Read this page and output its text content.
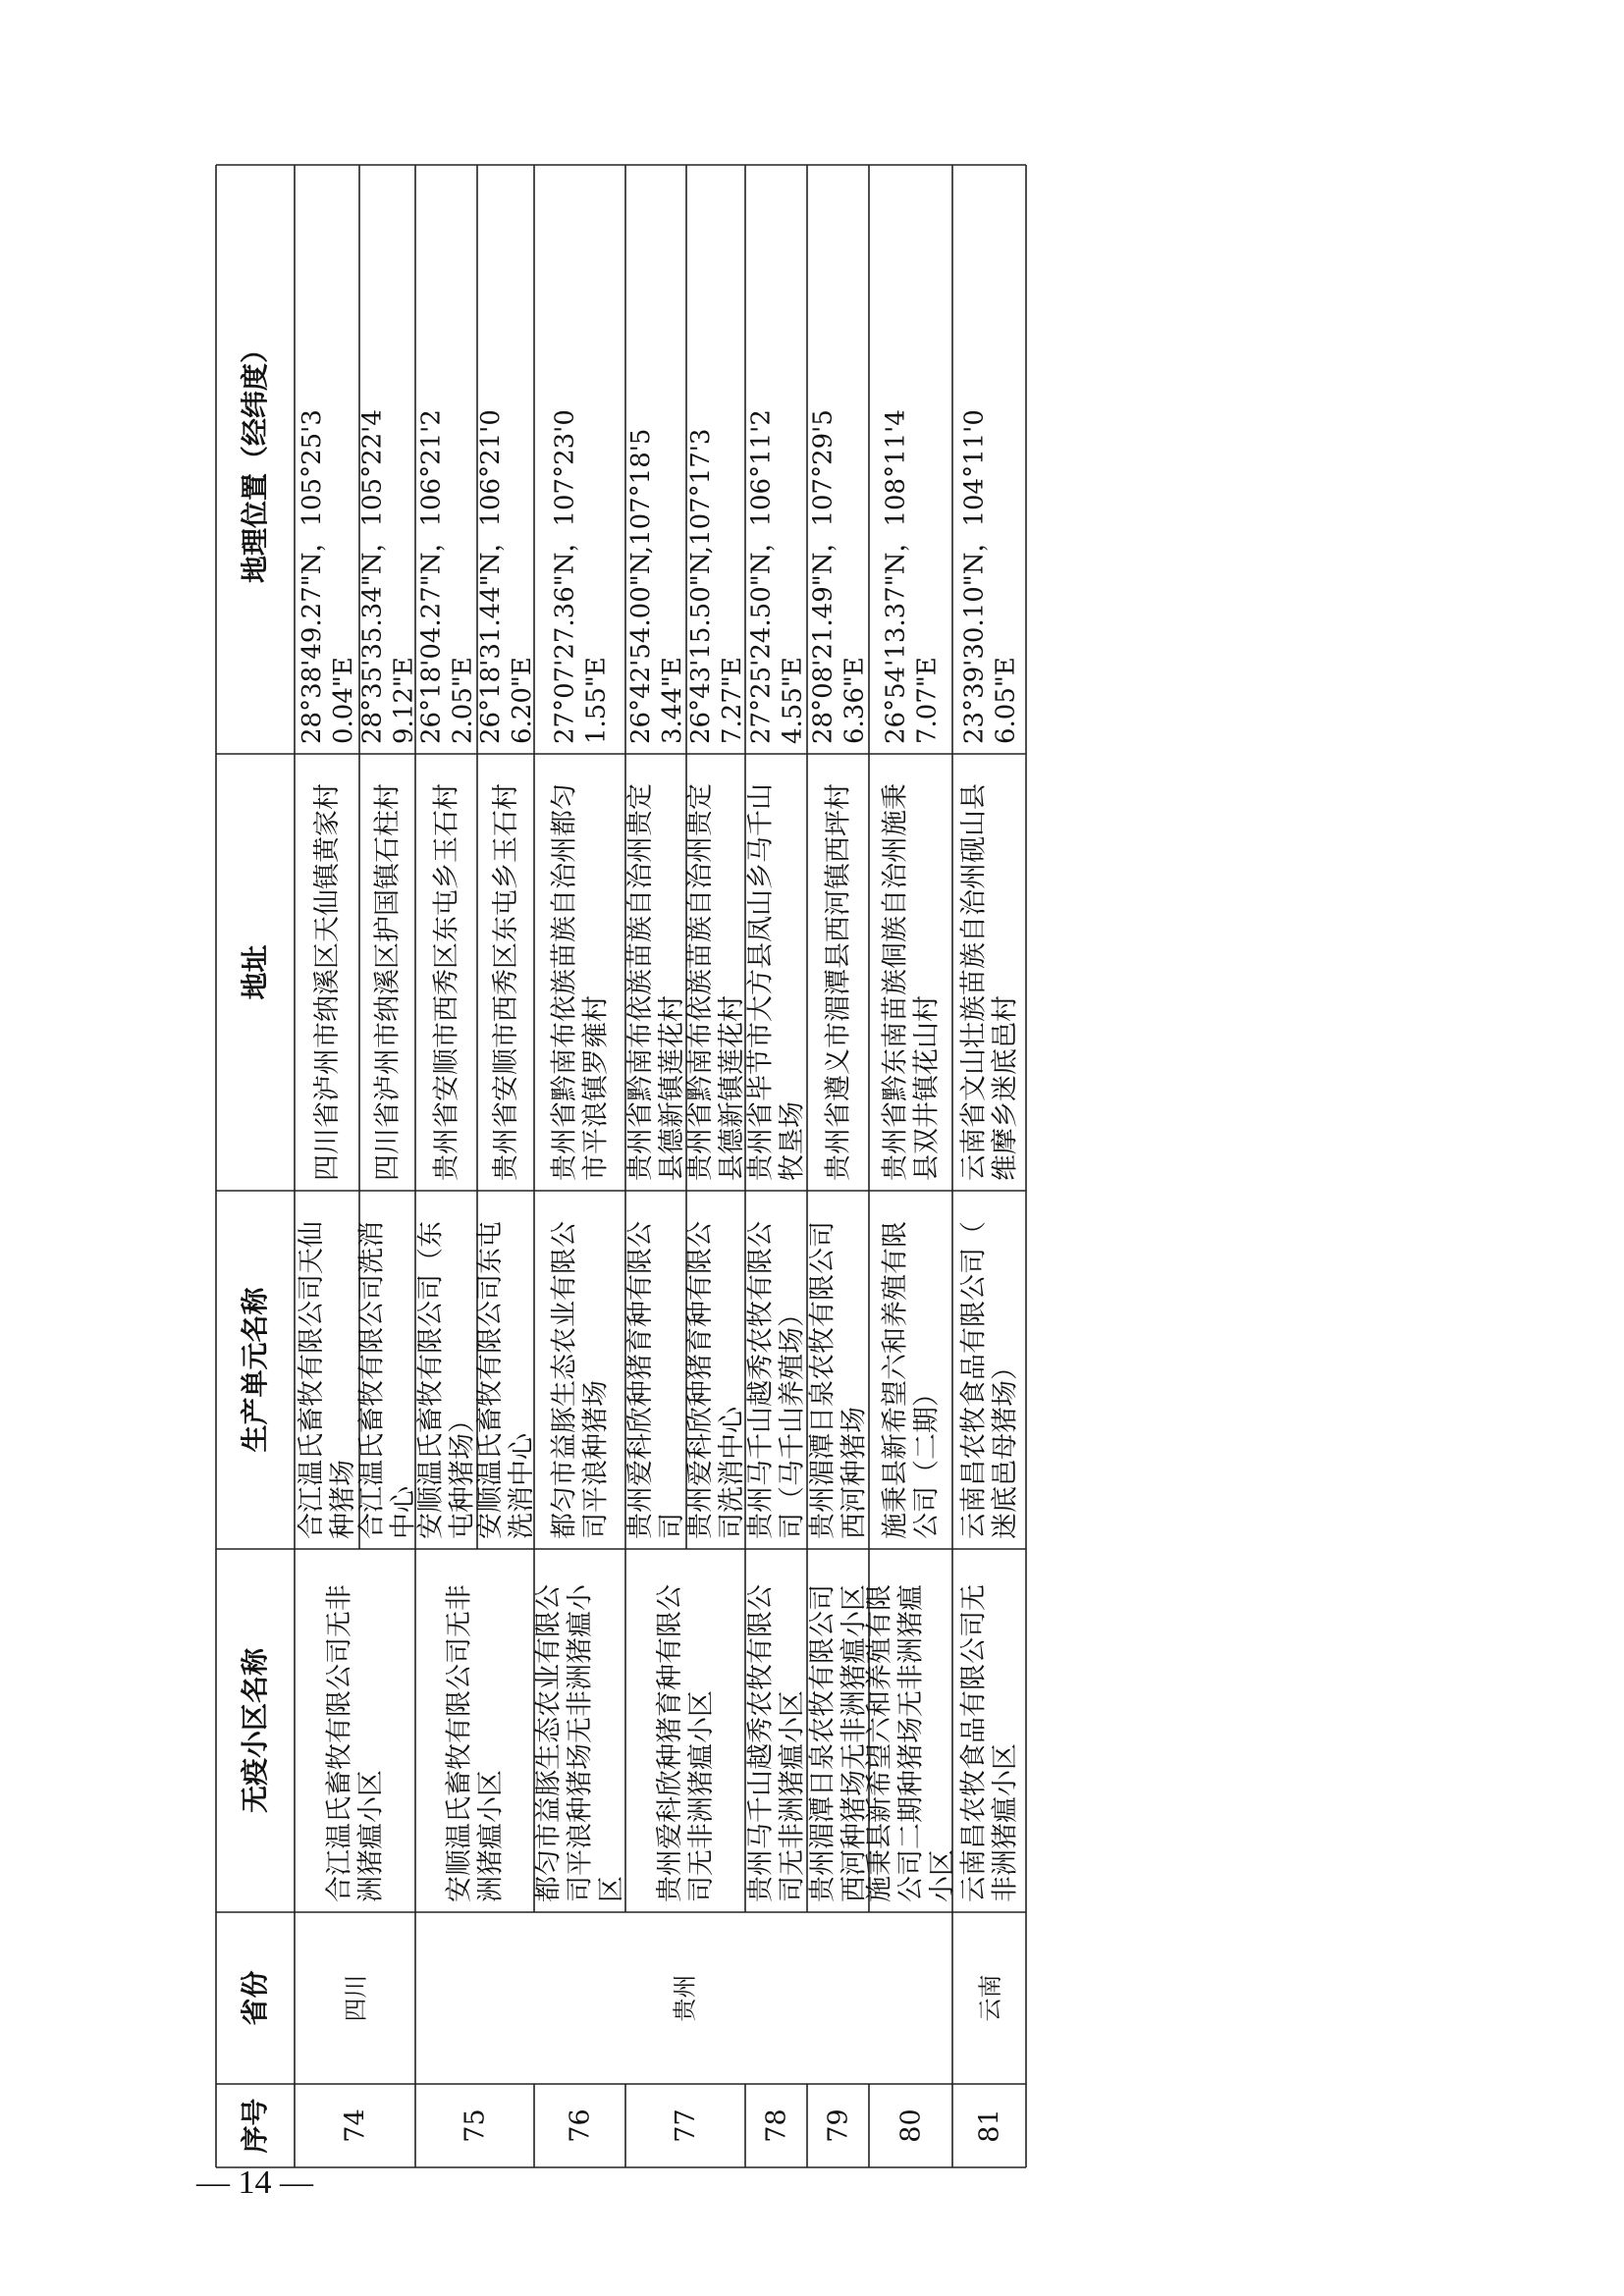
序号
省份
无疫小区名称
生产单元名称
地址
地理位置（经纬度）
74
合江温氏畜牧有限公司无非洲猪瘟小区
75
安顺温氏畜牧有限公司无非洲猪瘟小区
76
都匀市益豚生态农业有限公司平浪种猪场无非洲猪瘟小区
77
贵州爱科欣种猪育种有限公司无非洲猪瘟小区
78
贵州马千山越秀农牧有限公司无非洲猪瘟小区
79
贵州湄潭日泉农牧有限公司西河种猪场无非洲猪瘟小区
80
施秉县新希望六和养殖有限公司二期种猪场无非洲猪瘟小区
81
云南昌农牧食品有限公司无非洲猪瘟小区
四川	贵州	云南
合江温氏畜牧有限公司天仙种猪场
四川省泸州市纳溪区天仙镇黄家村
28°38'49.27"N，105°25'30.04"E
合江温氏畜牧有限公司洗消中心
四川省泸州市纳溪区护国镇石柱村
28°35'35.34"N，105°22'49.12"E
安顺温氏畜牧有限公司（东屯种猪场）
贵州省安顺市西秀区东屯乡玉石村
26°18'04.27"N，106°21'22.05"E
安顺温氏畜牧有限公司东屯洗消中心
贵州省安顺市西秀区东屯乡玉石村
26°18'31.44"N，106°21'06.20"E
都匀市益豚生态农业有限公司平浪种猪场
贵州省黔南布依族苗族自治州都匀市平浪镇罗雍村
27°07'27.36"N，107°23'01.55"E
贵州爱科欣种猪育种有限公司
贵州省黔南布依族苗族自治州贵定县德新镇莲花村
26°42'54.00"N,107°18'53.44"E
贵州爱科欣种猪育种有限公司洗消中心
贵州省黔南布依族苗族自治州贵定县德新镇莲花村
26°43'15.50"N,107°17'37.27"E
贵州马千山越秀农牧有限公司（马千山养殖场）
贵州省毕节市大方县凤山乡马千山牧垦场
27°25'24.50"N，106°11'24.55"E
贵州湄潭日泉农牧有限公司西河种猪场
贵州省遵义市湄潭县西河镇西坪村
28°08'21.49"N，107°29'56.36"E
施秉县新希望六和养殖有限公司（二期）
贵州省黔东南苗族侗族自治州施秉县双井镇花山村
26°54'13.37"N，108°11'47.07"E
云南昌农牧食品有限公司（迷底邑母猪场）
云南省文山壮族苗族自治州砚山县维摩乡迷底邑村
23°39'30.10"N，104°11'06.05"E
— 14 —
